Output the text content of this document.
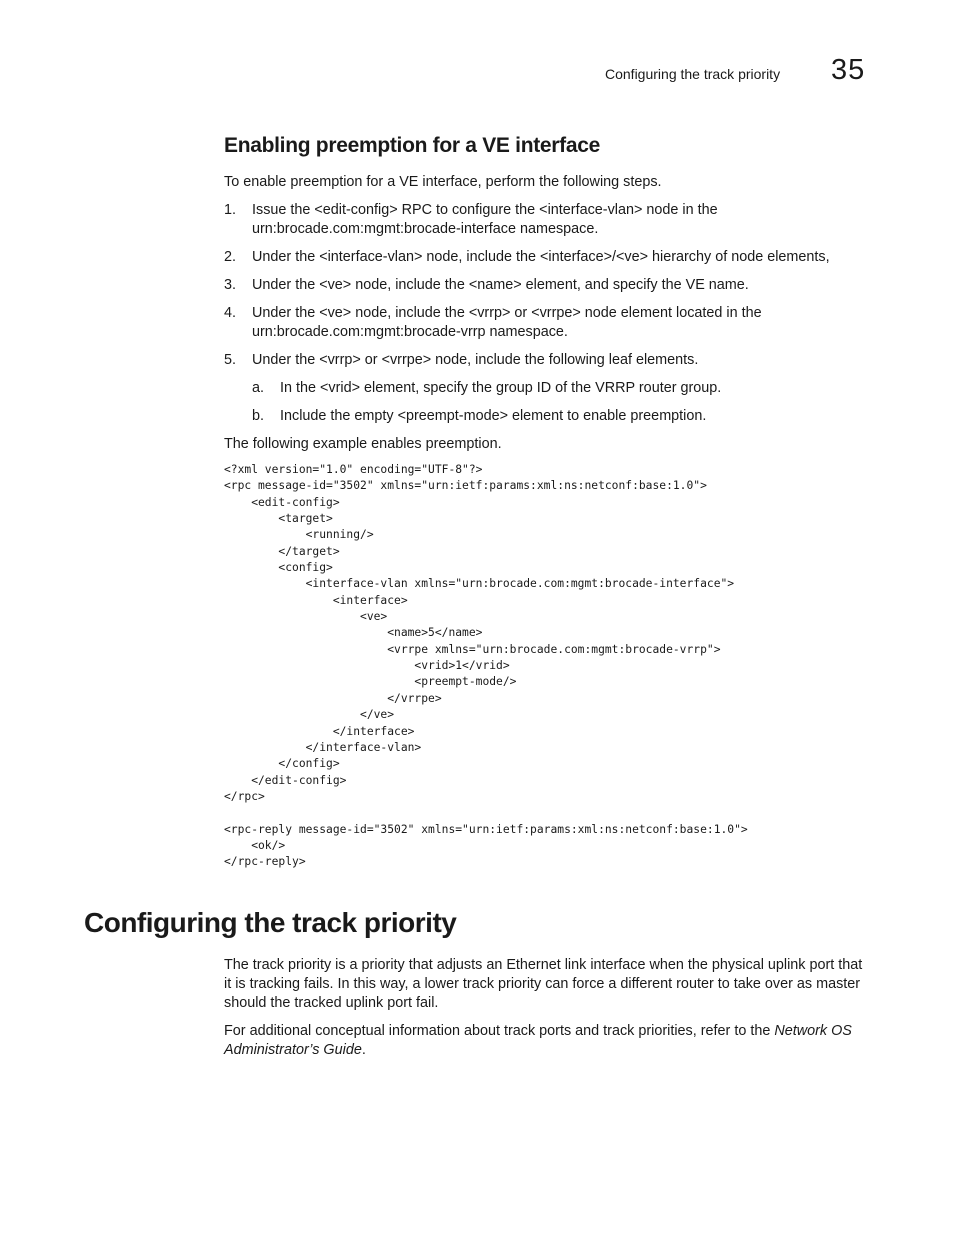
Configuring the track priority 35
Enabling preemption for a VE interface
To enable preemption for a VE interface, perform the following steps.
1. Issue the <edit-config> RPC to configure the <interface-vlan> node in the urn:brocade.com:mgmt:brocade-interface namespace.
2. Under the <interface-vlan> node, include the <interface>/<ve> hierarchy of node elements,
3. Under the <ve> node, include the <name> element, and specify the VE name.
4. Under the <ve> node, include the <vrrp> or <vrrpe> node element located in the urn:brocade.com:mgmt:brocade-vrrp namespace.
5. Under the <vrrp> or <vrrpe> node, include the following leaf elements.
a. In the <vrid> element, specify the group ID of the VRRP router group.
b. Include the empty <preempt-mode> element to enable preemption.
The following example enables preemption.
<?xml version="1.0" encoding="UTF-8"?>
<rpc message-id="3502" xmlns="urn:ietf:params:xml:ns:netconf:base:1.0">
<edit-config>
<target>
<running/>
</target>
<config>
<interface-vlan xmlns="urn:brocade.com:mgmt:brocade-interface">
<interface>
<ve>
<name>5</name>
<vrrpe xmlns="urn:brocade.com:mgmt:brocade-vrrp">
<vrid>1</vrid>
<preempt-mode/>
</vrrpe>
</ve>
</interface>
</interface-vlan>
</config>
</edit-config>
</rpc>

<rpc-reply message-id="3502" xmlns="urn:ietf:params:xml:ns:netconf:base:1.0">
<ok/>
</rpc-reply>
Configuring the track priority
The track priority is a priority that adjusts an Ethernet link interface when the physical uplink port that it is tracking fails. In this way, a lower track priority can force a different router to take over as master should the tracked uplink port fail.
For additional conceptual information about track ports and track priorities, refer to the Network OS Administrator’s Guide.
